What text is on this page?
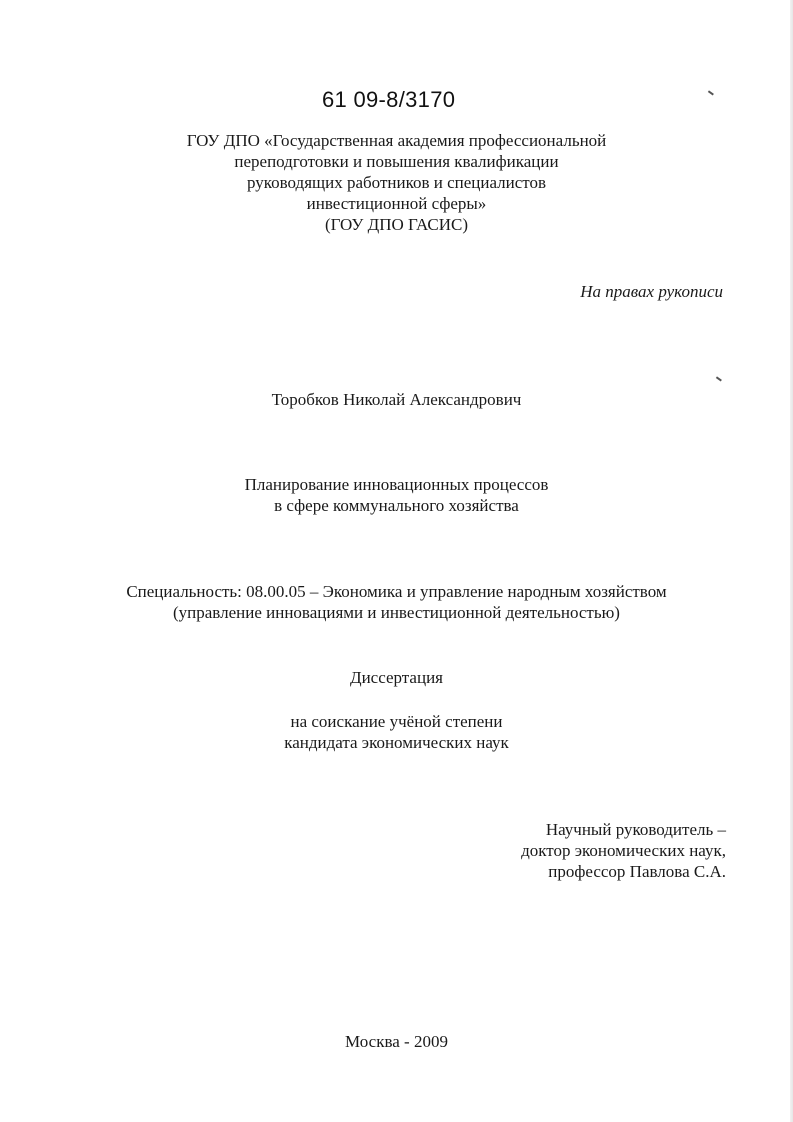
61 09-8/3170
ГОУ ДПО «Государственная академия профессиональной
переподготовки и повышения квалификации
руководящих работников и специалистов
инвестиционной сферы»
(ГОУ ДПО ГАСИС)
На правах рукописи
Торобков Николай Александрович
Планирование инновационных процессов
в сфере коммунального хозяйства
Специальность: 08.00.05 – Экономика и управление народным хозяйством
(управление инновациями и инвестиционной деятельностью)
Диссертация
на соискание учёной степени
кандидата экономических наук
Научный руководитель –
доктор экономических наук,
профессор Павлова С.А.
Москва - 2009
